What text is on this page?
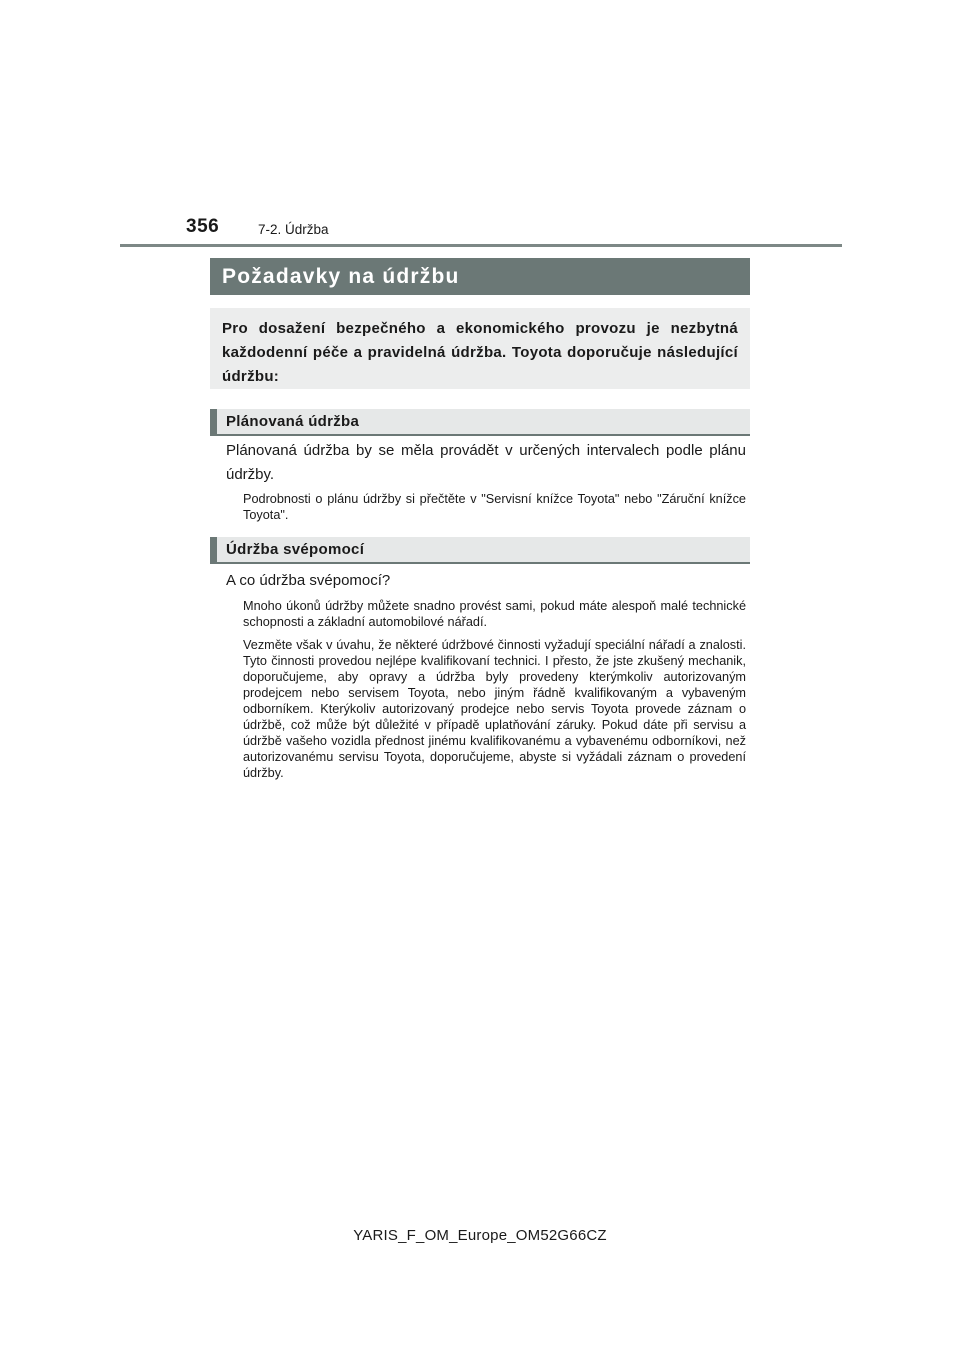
356	7-2. Údržba
Požadavky na údržbu
Pro dosažení bezpečného a ekonomického provozu je nezbytná každodenní péče a pravidelná údržba. Toyota doporučuje následující údržbu:
Plánovaná údržba
Plánovaná údržba by se měla provádět v určených intervalech podle plánu údržby.
Podrobnosti o plánu údržby si přečtěte v "Servisní knížce Toyota" nebo "Záruční knížce Toyota".
Údržba svépomocí
A co údržba svépomocí?
Mnoho úkonů údržby můžete snadno provést sami, pokud máte alespoň malé technické schopnosti a základní automobilové nářadí.
Vezměte však v úvahu, že některé údržbové činnosti vyžadují speciální nářadí a znalosti. Tyto činnosti provedou nejlépe kvalifikovaní technici. I přesto, že jste zkušený mechanik, doporučujeme, aby opravy a údržba byly provedeny kterýmkoliv autorizovaným prodejcem nebo servisem Toyota, nebo jiným řádně kvalifikovaným a vybaveným odborníkem. Kterýkoliv autorizovaný prodejce nebo servis Toyota provede záznam o údržbě, což může být důležité v případě uplatňování záruky. Pokud dáte při servisu a údržbě vašeho vozidla přednost jinému kvalifikovanému a vybavenému odborníkovi, než autorizovanému servisu Toyota, doporučujeme, abyste si vyžádali záznam o provedení údržby.
YARIS_F_OM_Europe_OM52G66CZ
